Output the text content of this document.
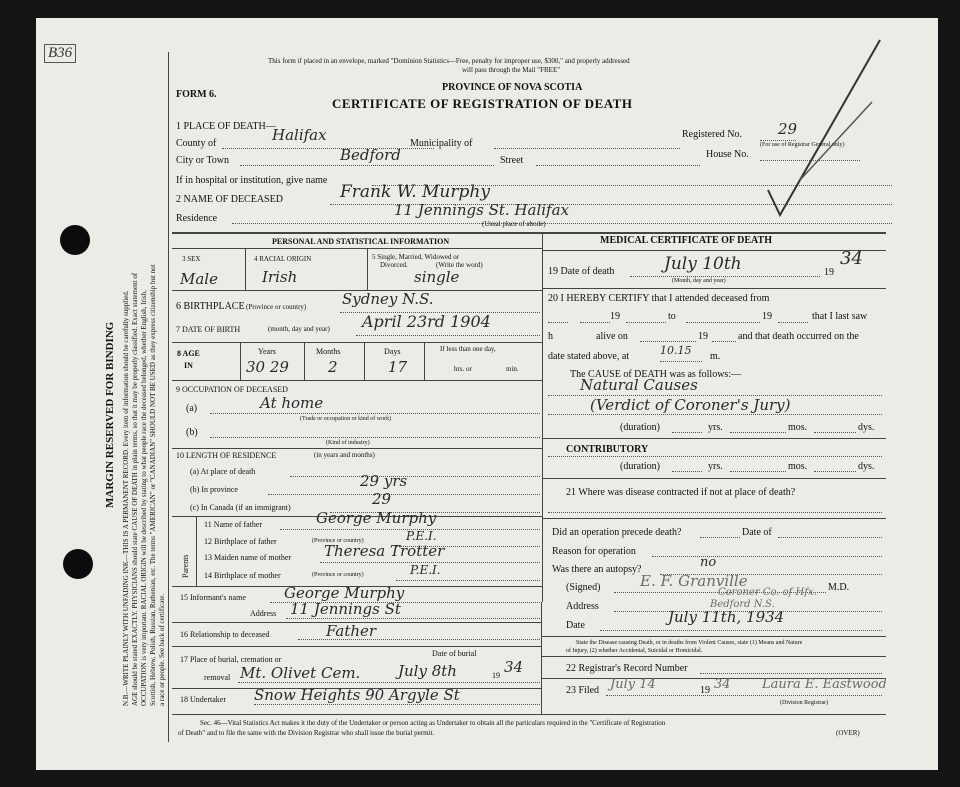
B36
MARGIN RESERVED FOR BINDING N.B.—WRITE PLAINLY WITH UNFADING INK—THIS IS A PERMANENT RECORD. Every item of information should be carefully supplied. AGE should be stated EXACTLY. PHYSICIANS should state CAUSE OF DEATH in plain terms, so that it may be properly classified. Exact statement of OCCUPATION is very important. RACIAL ORIGIN will be described by stating to what people race the deceased belonged, whether English, Irish, Scottish, Hebrew, Polish, Russian, Ruthenian, etc. The terms "AMERICAN" or "CANADIAN" SHOULD NOT BE USED as they express citizenship but not a race or people. See back of certificate.
This form if placed in an envelope, marked "Dominion Statistics—Free, penalty for improper use, $300," and properly addressed
will pass through the Mail "FREE"
FORM 6.
PROVINCE OF NOVA SCOTIA
CERTIFICATE OF REGISTRATION OF DEATH
1 PLACE OF DEATH—
County of	Halifax	Municipality of
Registered No. 29
(For use of Registrar General only)
City or Town	Bedford	Street
House No.
If in hospital or institution, give name
2 NAME OF DECEASED	Frank W. Murphy
Residence	11 Jennings St. Halifax
(Usual place of abode)
PERSONAL AND STATISTICAL INFORMATION
3 SEX	4 RACIAL ORIGIN	5 Single, Married, Widowed or
Divorced.	(Write the word)
Male	Irish	single
6 BIRTHPLACE (Province or country) Sydney N.S.
7 DATE OF BIRTH	(month, day and year) April 23rd 1904
8 AGE
IN
Years	Months	Days	If less than one day,
hrs. or	min.
30 29	2	17
9 OCCUPATION OF DECEASED
(a)	At home
(Trade or occupation or kind of work)
(b)
(Kind of industry)
10 LENGTH OF RESIDENCE	(in years and months)
(a) At place of death
(b) In province	29 yrs
(c) In Canada (if an immigrant)	29
Parents
11 Name of father	George Murphy
12 Birthplace of father	(Province or country)	P.E.I.
13 Maiden name of mother Theresa Trotter
14 Birthplace of mother	(Province or country)	P.E.I.
15 Informant's name	George Murphy
Address 11 Jennings St
16 Relationship to deceased	Father
17 Place of burial, cremation or
removal
Date of burial
Mt. Olivet Cem.	July 8th	19 34
18 Undertaker Snow Heights 90 Argyle St
MEDICAL CERTIFICATE OF DEATH
19 Date of death	July 10th
(Month, day and year)
19
34
20 I HEREBY CERTIFY that I attended deceased from
19	to	19	that I last saw
h	alive on	19	and that death occurred on the
date stated above, at	10.15 m.
The CAUSE of DEATH was as follows:—
Natural Causes
(Verdict of Coroner's Jury)
(duration)	yrs.	mos.	dys.
CONTRIBUTORY
(duration)	yrs.	mos.	dys.
21 Where was disease contracted if not at place of death?
Did an operation precede death?	Date of
Reason for operation
Was there an autopsy?	no
(Signed)	E. F. Granville	M.D.
Coroner Co. of Hfx.
Address	Bedford N.S.
Date	July 11th, 1934
State the Disease causing Death, or in deaths from Violent Causes, state (1) Means and Nature
of Injury, (2) whether Accidental, Suicidal or Homicidal.
22 Registrar's Record Number
23 Filed July 14	19 34 Laura E. Eastwood
(Division Registrar)
Sec. 46—Vital Statistics Act makes it the duty of the Undertaker or person acting as Undertaker to obtain all the particulars required in the "Certificate of Registration
of Death" and to file the same with the Division Registrar who shall issue the burial permit.	(OVER)
